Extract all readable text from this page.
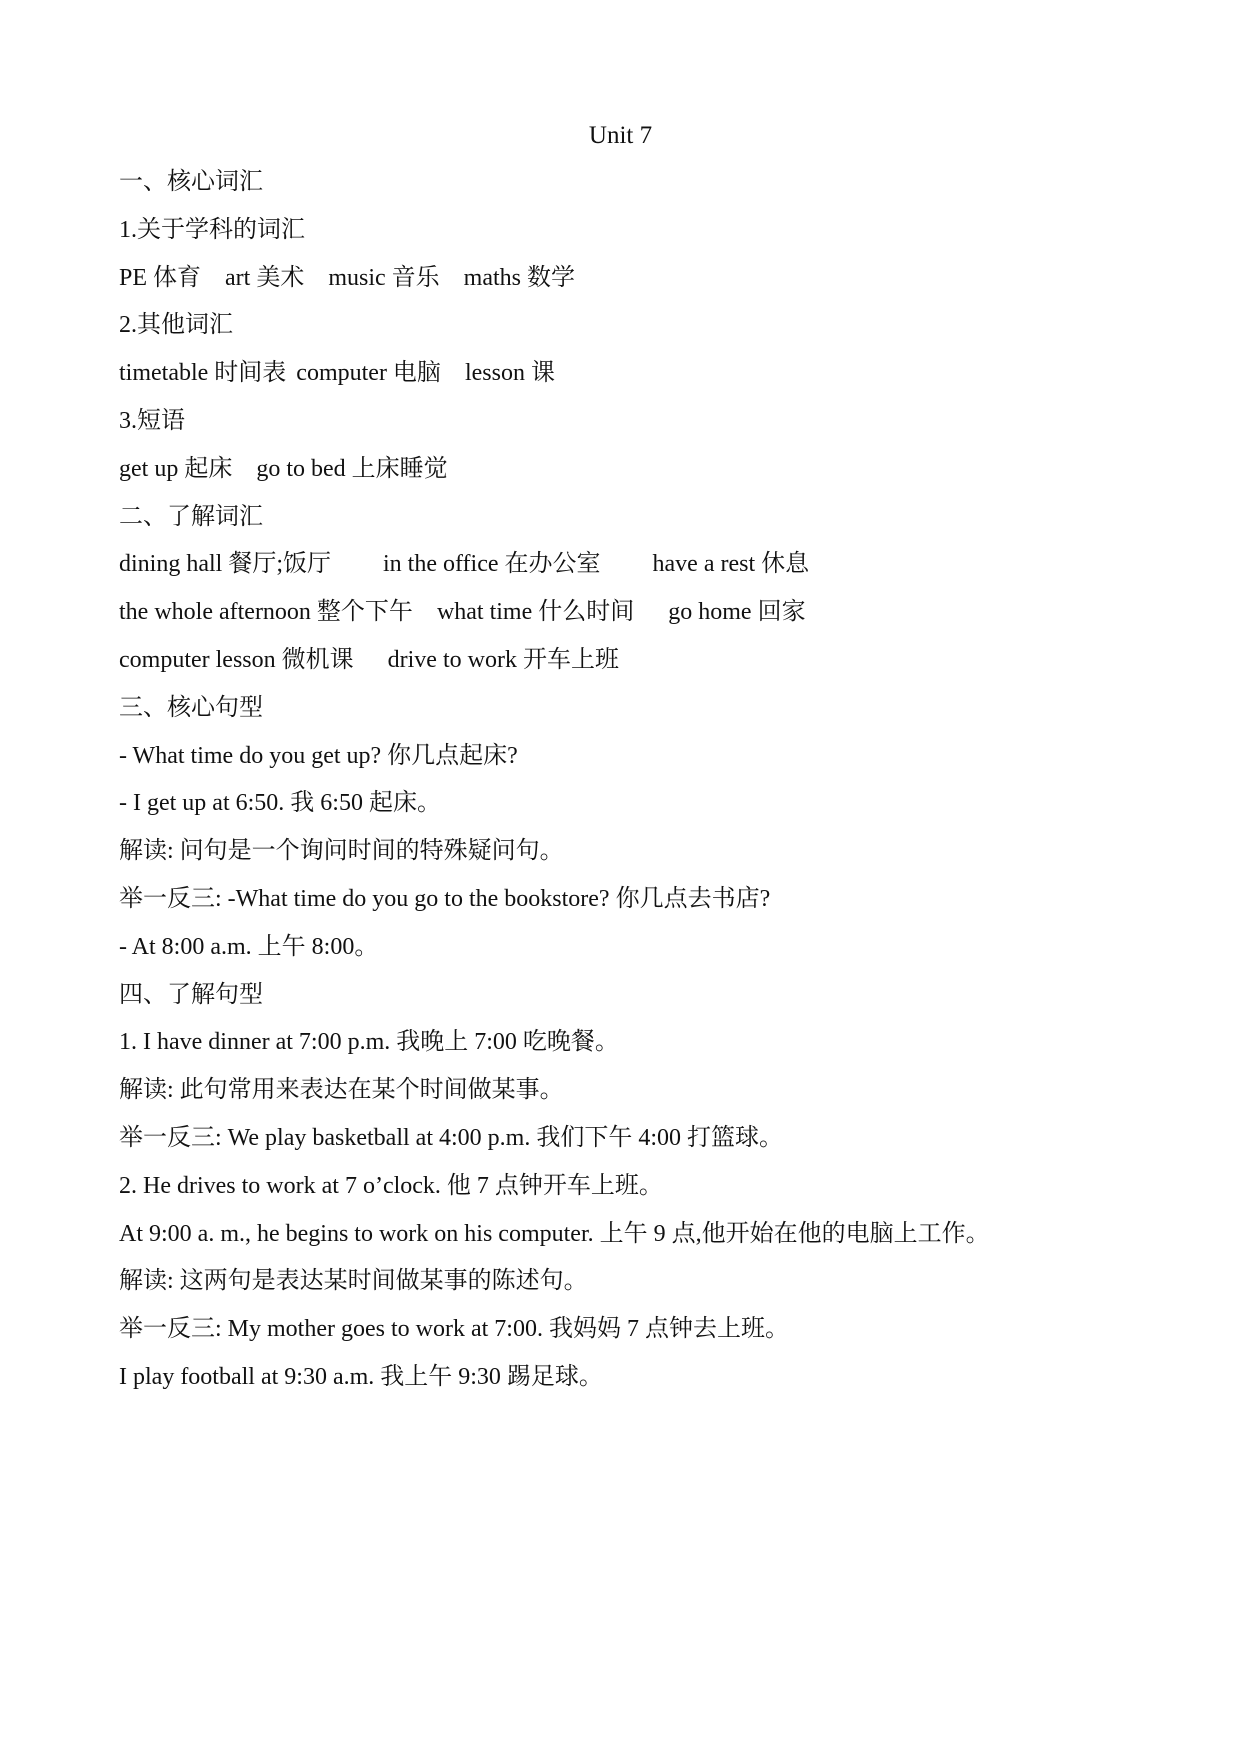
Unit 7
一、核心词汇
1.关于学科的词汇
PE 体育 art 美术 music 音乐 maths 数学
2.其他词汇
timetable 时间表 computer 电脑 lesson 课
3.短语
get up 起床 go to bed 上床睡觉
二、了解词汇
dining hall 餐厅;饭厅 in the office 在办公室 have a rest 休息
the whole afternoon 整个下午 what time 什么时间 go home 回家
computer lesson 微机课 drive to work 开车上班
三、核心句型
- What time do you get up? 你几点起床?
- I get up at 6:50. 我 6:50 起床。
解读: 问句是一个询问时间的特殊疑问句。
举一反三: -What time do you go to the bookstore? 你几点去书店?
- At 8:00 a.m. 上午 8:00。
四、了解句型
1. I have dinner at 7:00 p.m. 我晚上 7:00 吃晚餐。
解读: 此句常用来表达在某个时间做某事。
举一反三: We play basketball at 4:00 p.m. 我们下午 4:00 打篮球。
2. He drives to work at 7 o’clock. 他 7 点钟开车上班。
At 9:00 a. m., he begins to work on his computer. 上午 9 点,他开始在他的电脑上工作。
解读: 这两句是表达某时间做某事的陈述句。
举一反三: My mother goes to work at 7:00. 我妈妈 7 点钟去上班。
I play football at 9:30 a.m. 我上午 9:30 踢足球。
